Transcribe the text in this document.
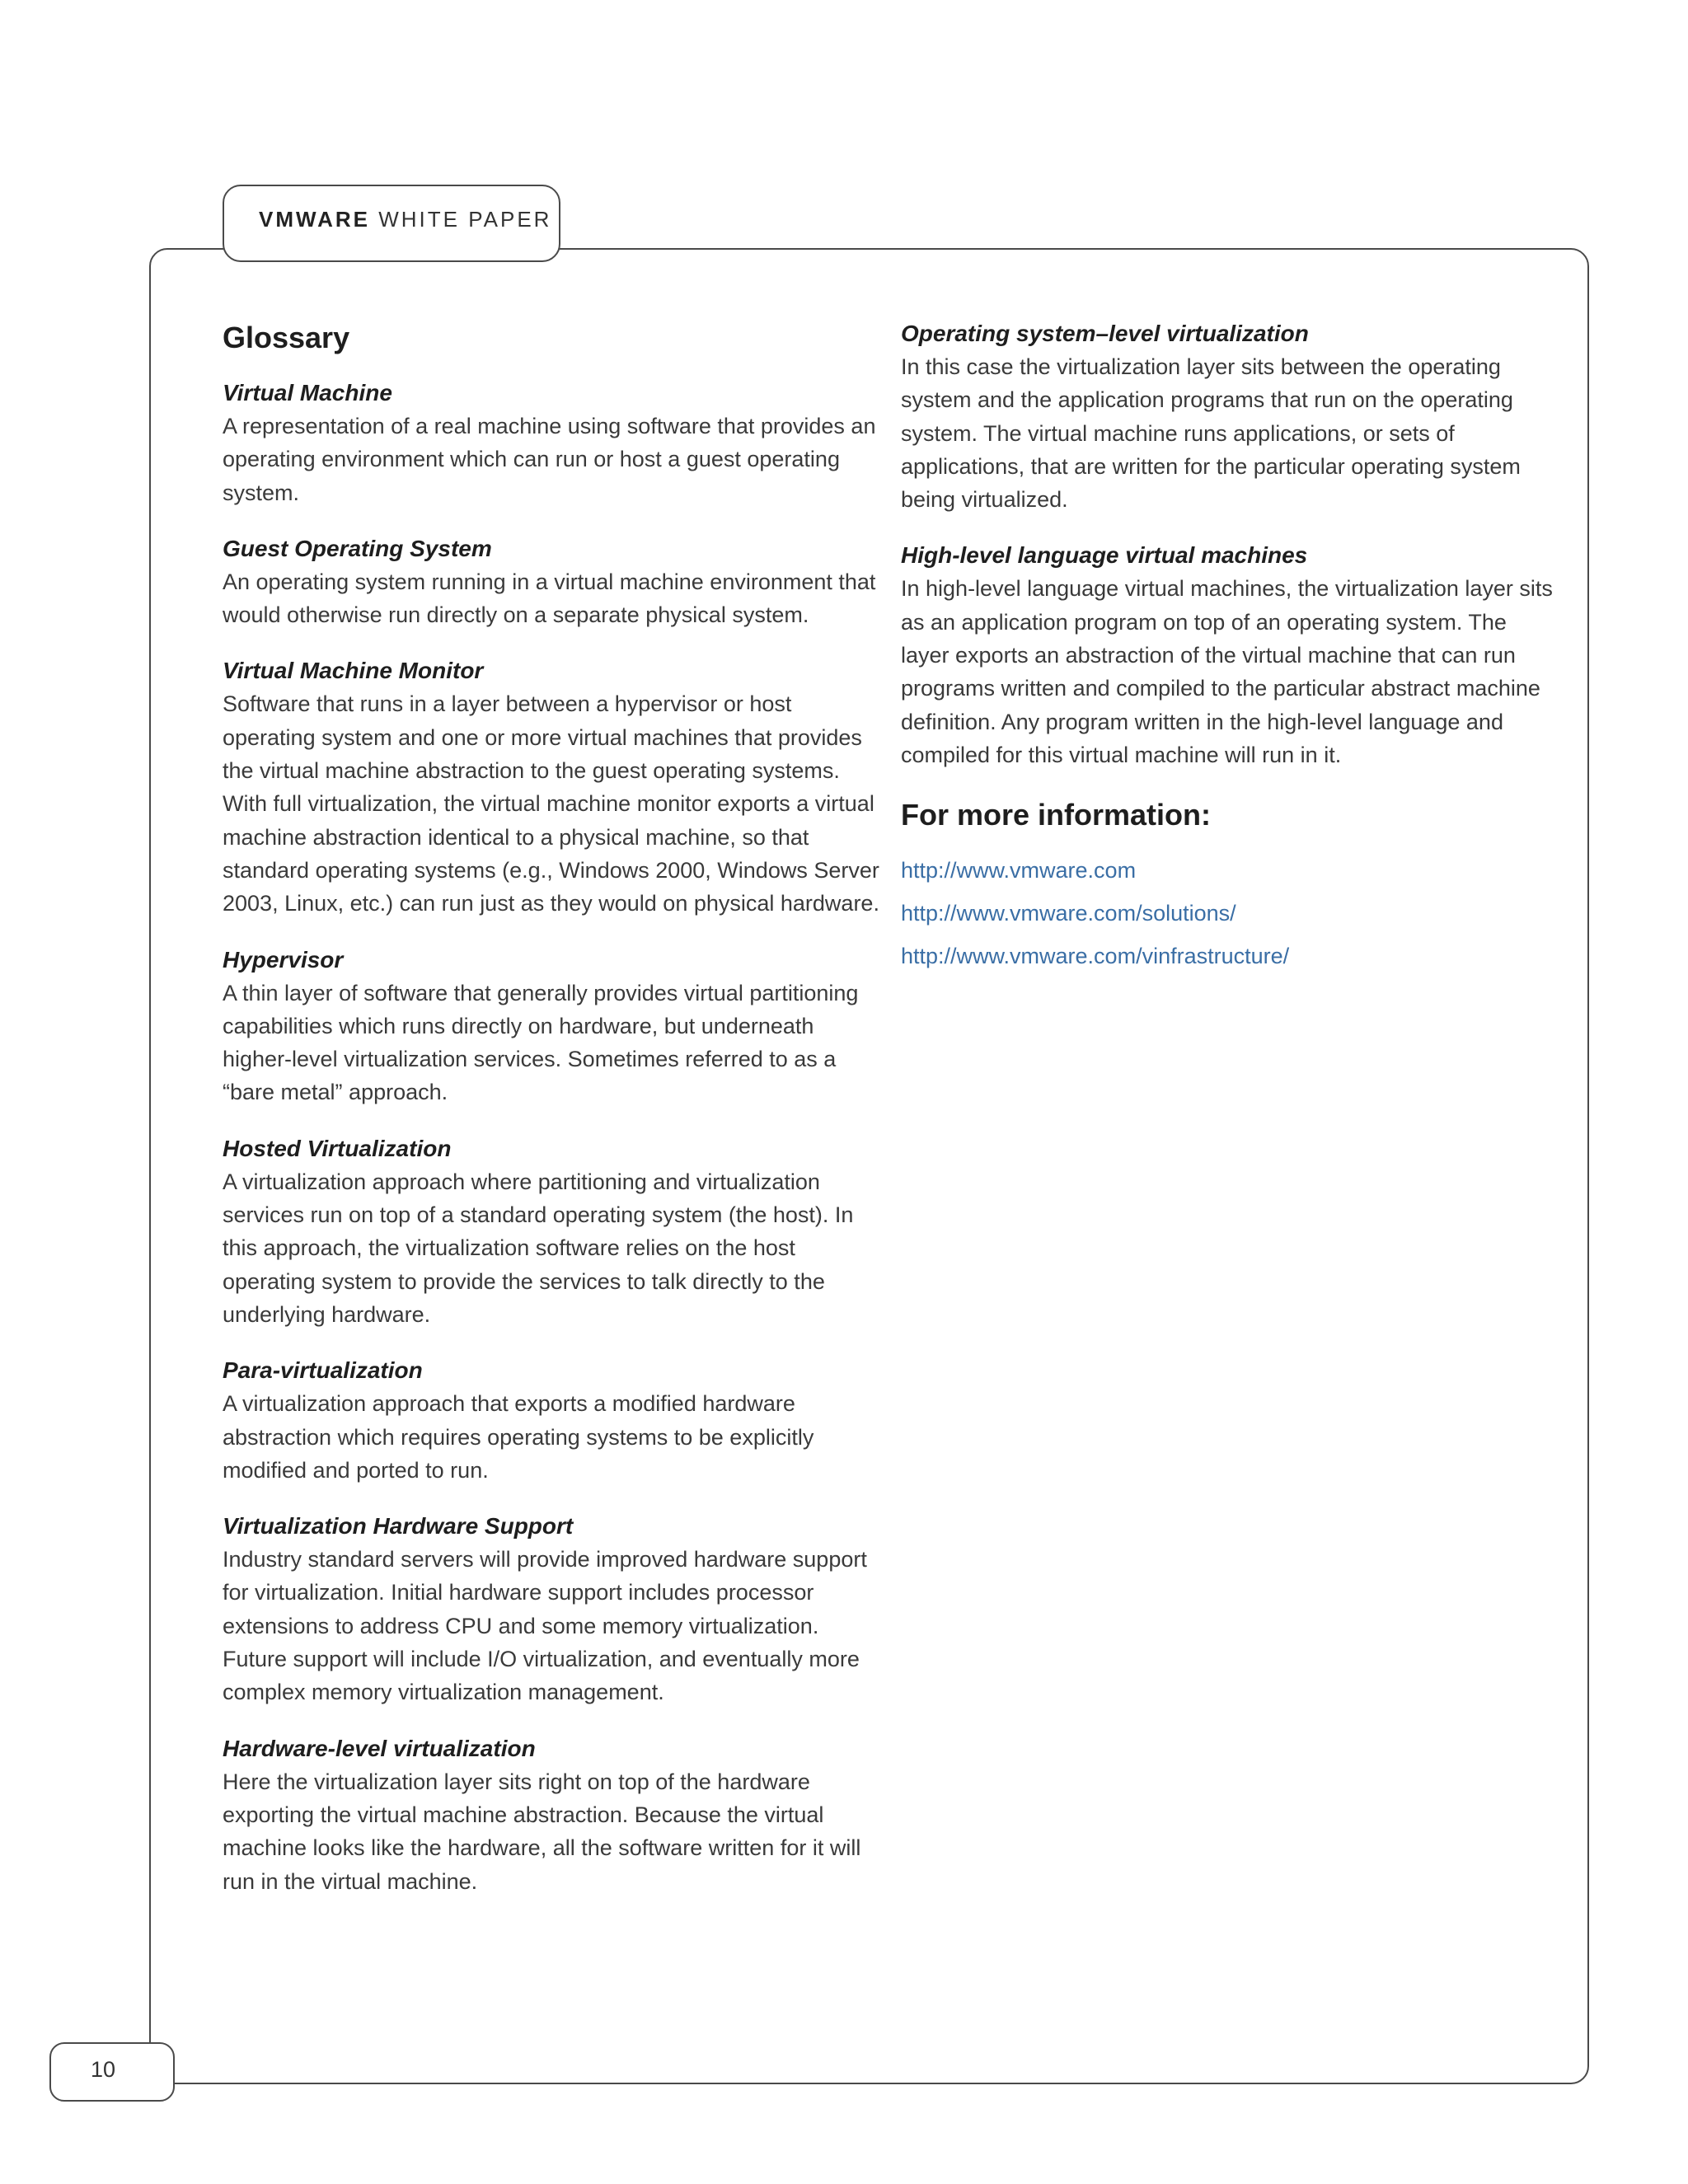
VMWARE WHITE PAPER
Glossary

Virtual Machine

A representation of a real machine using software that provides an operating environment which can run or host a guest operating system.

Guest Operating System

An operating system running in a virtual machine environment that would otherwise run directly on a separate physical system.

Virtual Machine Monitor

Software that runs in a layer between a hypervisor or host operating system and one or more virtual machines that provides the virtual machine abstraction to the guest operating systems. With full virtualization, the virtual machine monitor exports a virtual machine abstraction identical to a physical machine, so that standard operating systems (e.g., Windows 2000, Windows Server 2003, Linux, etc.) can run just as they would on physical hardware.

Hypervisor

A thin layer of software that generally provides virtual partitioning capabilities which runs directly on hardware, but underneath higher-level virtualization services. Sometimes referred to as a “bare metal” approach.

Hosted Virtualization

A virtualization approach where partitioning and virtualization services run on top of a standard operating system (the host). In this approach, the virtualization software relies on the host operating system to provide the services to talk directly to the underlying hardware.

Para-virtualization

A virtualization approach that exports a modified hardware abstraction which requires operating systems to be explicitly modified and ported to run.

Virtualization Hardware Support

Industry standard servers will provide improved hardware support for virtualization. Initial hardware support includes processor extensions to address CPU and some memory virtualization. Future support will include I/O virtualization, and eventually more complex memory virtualization management.

Hardware-level virtualization

Here the virtualization layer sits right on top of the hardware exporting the virtual machine abstraction. Because the virtual machine looks like the hardware, all the software written for it will run in the virtual machine.

Operating system–level virtualization

In this case the virtualization layer sits between the operating system and the application programs that run on the operating system. The virtual machine runs applications, or sets of applications, that are written for the particular operating system being virtualized.

High-level language virtual machines

In high-level language virtual machines, the virtualization layer sits as an application program on top of an operating system. The layer exports an abstraction of the virtual machine that can run programs written and compiled to the particular abstract machine definition. Any program written in the high-level language and compiled for this virtual machine will run in it.

For more information:
http://www.vmware.com
http://www.vmware.com/solutions/
http://www.vmware.com/vinfrastructure/
10
